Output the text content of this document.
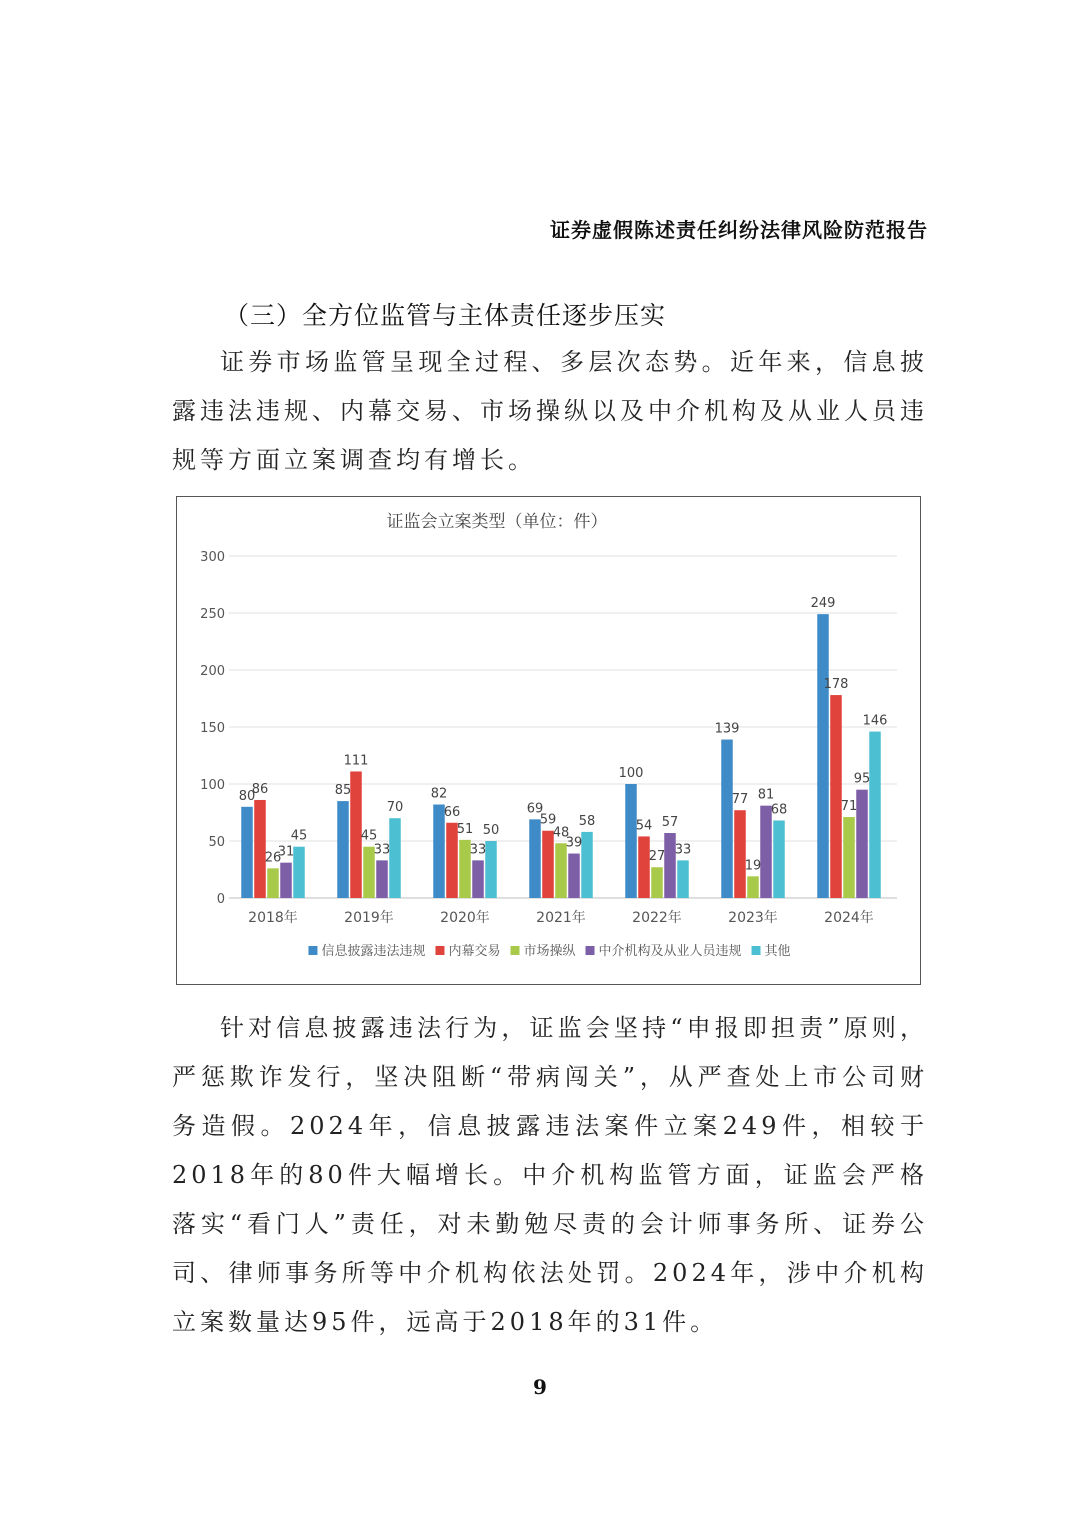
证券虚假陈述责任纠纷法律风险防范报告
（三）全方位监管与主体责任逐步压实

证券市场监管呈现全过程、多层次态势。近年来，信息披露违法违规、内幕交易、市场操纵以及中介机构及从业人员违规等方面立案调查均有增长。

证监会立案类型（单位：件）
0
50
100
150
200
250
300
80
86
26
31
45
85
111
45
33
70
82
66
51
33
50
69
59
48
39
58
100
54
27
57
33
139
77
19
81
68
249
178
71
95
146
2018年	2019年	2020年	2021年	2022年	2023年	2024年
信息披露违法违规 内幕交易 市场操纵 中介机构及从业人员违规 其他

针对信息披露违法行为，证监会坚持“申报即担责”原则，严惩欺诈发行，坚决阻断“带病闯关”，从严查处上市公司财务造假。2024年，信息披露违法案件立案249件，相较于2018年的80件大幅增长。中介机构监管方面，证监会严格落实“看门人”责任，对未勤勉尽责的会计师事务所、证券公司、律师事务所等中介机构依法处罚。2024年，涉中介机构立案数量达95件，远高于2018年的31件。

9
